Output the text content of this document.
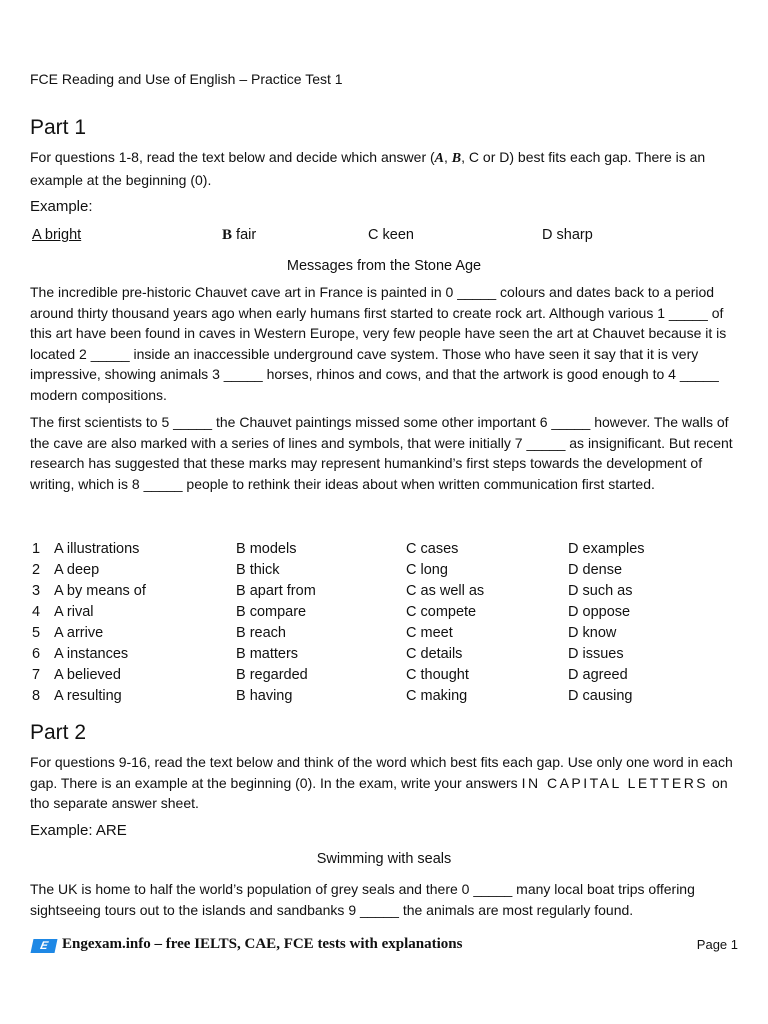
FCE Reading and Use of English – Practice Test 1
Part 1

For questions 1-8, read the text below and decide which answer (A, B, C or D) best fits each gap. There is an example at the beginning (0).

Example:
A bright	B fair	C keen	D sharp
Messages from the Stone Age

The incredible pre-historic Chauvet cave art in France is painted in 0 _____ colours and dates back to a period around thirty thousand years ago when early humans first started to create rock art. Although various 1 _____ of this art have been found in caves in Western Europe, very few people have seen the art at Chauvet because it is located 2 _____ inside an inaccessible underground cave system. Those who have seen it say that it is very impressive, showing animals 3 _____ horses, rhinos and cows, and that the artwork is good enough to 4 _____ modern compositions.

The first scientists to 5 _____ the Chauvet paintings missed some other important 6 _____ however. The walls of the cave are also marked with a series of lines and symbols, that were initially 7 _____ as insignificant. But recent research has suggested that these marks may represent humankind’s first steps towards the development of writing, which is 8 _____ people to rethink their ideas about when written communication first started.

1 A illustrations	B models	C cases	D examples
2 A deep	B thick	C long	D dense
3 A by means of	B apart from	C as well as	D such as
4 A rival	B compare	C compete	D oppose
5 A arrive	B reach	C meet	D know
6 A instances	B matters	C details	D issues
7 A believed	B regarded	C thought	D agreed
8 A resulting	B having	C making	D causing
Part 2

For questions 9-16, read the text below and think of the word which best fits each gap. Use only one word in each gap. There is an example at the beginning (0). In the exam, write your answers IN CAPITAL LETTERS on tho separate answer sheet.

Example: ARE
Swimming with seals

The UK is home to half the world’s population of grey seals and there 0 _____ many local boat trips offering sightseeing tours out to the islands and sandbanks 9 _____ the animals are most regularly found.

E Engexam.info – free IELTS, CAE, FCE tests with explanations	Page 1
